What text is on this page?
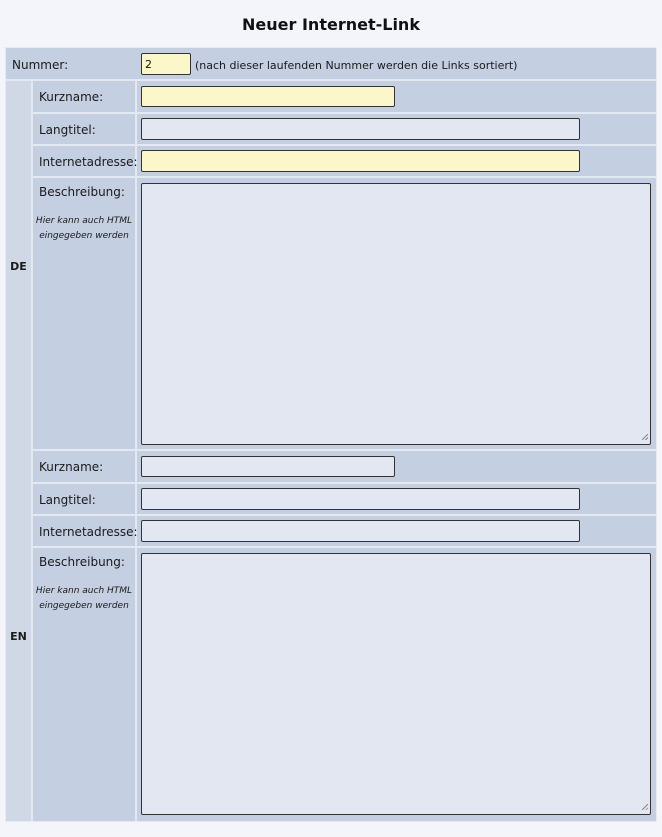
Neuer Internet-Link
Nummer:
2	(nach dieser laufenden Nummer werden die Links sortiert)
DE
Kurzname:
Langtitel:
Internetadresse:
Beschreibung:
Hier kann auch HTML eingegeben werden
EN
Kurzname:
Langtitel:
Internetadresse:
Beschreibung:
Hier kann auch HTML eingegeben werden
